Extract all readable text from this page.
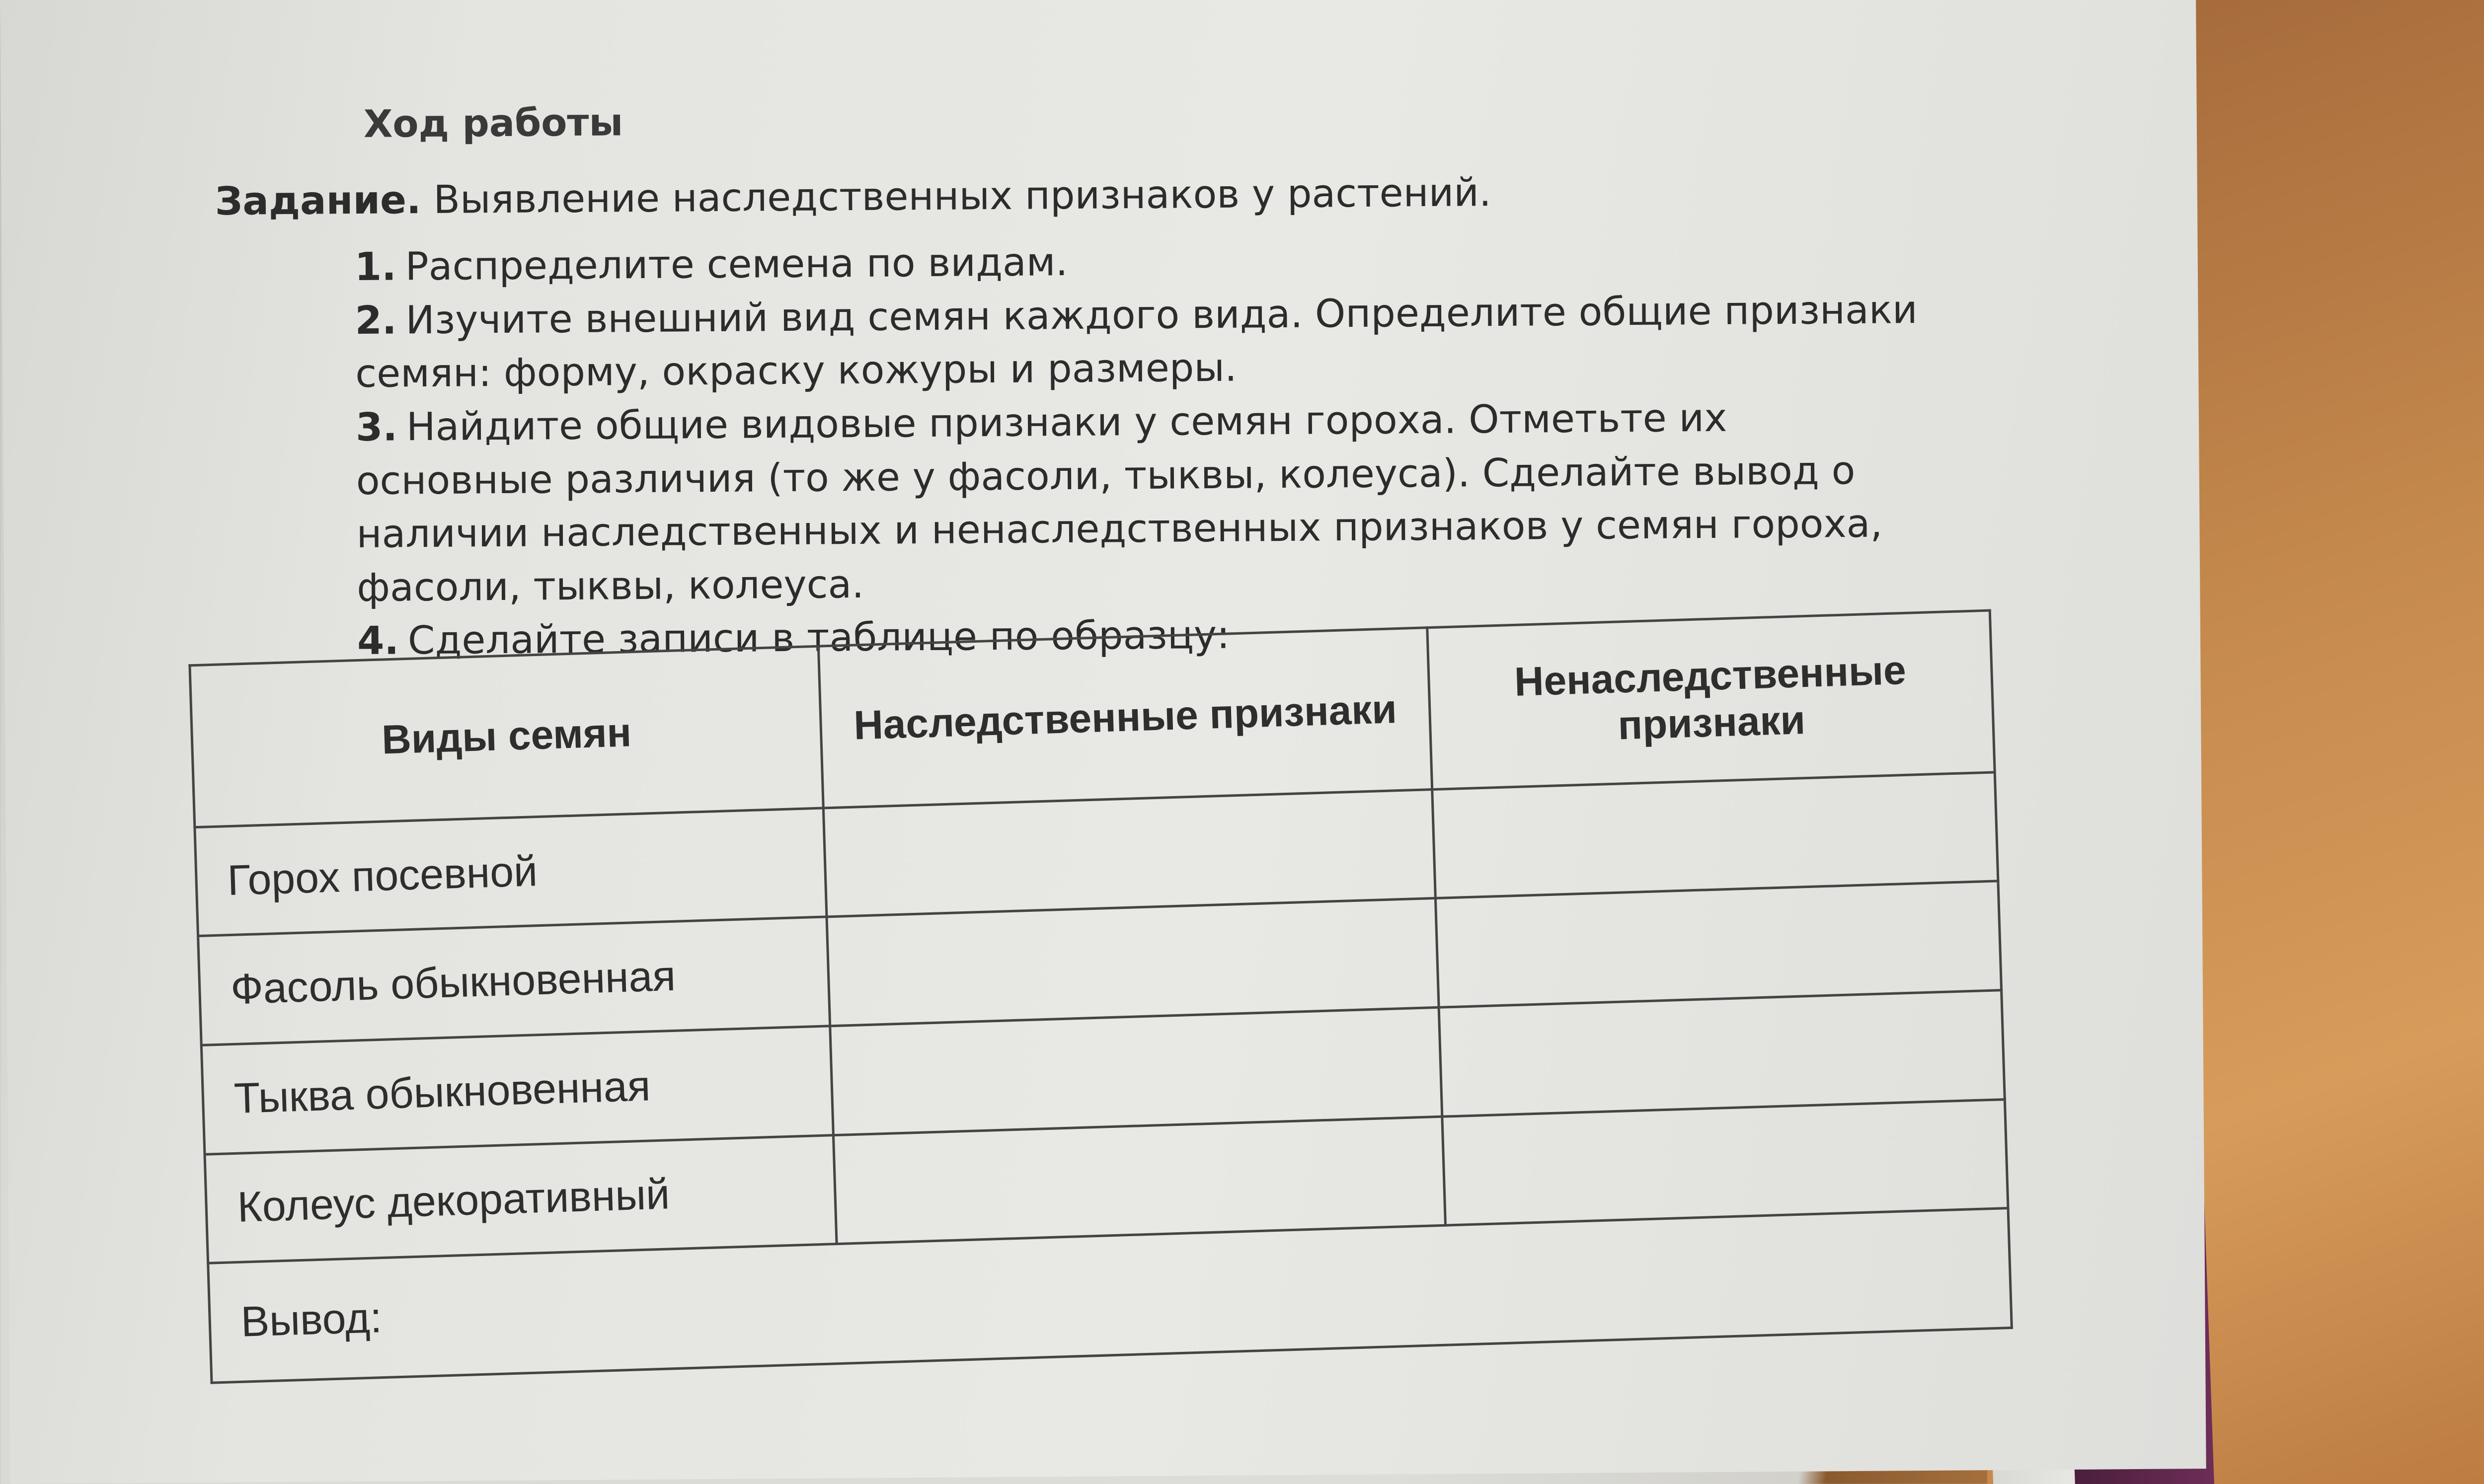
Ход работы
Задание. Выявление наследственных признаков у растений.

1. Распределите семена по видам.

2. Изучите внешний вид семян каждого вида. Определите общие признаки семян: форму, окраску кожуры и размеры.

3. Найдите общие видовые признаки у семян гороха. Отметьте их основные различия (то же у фасоли, тыквы, колеуса). Сделайте вывод о наличии наследственных и ненаследственных признаков у семян гороха, фасоли, тыквы, колеуса.

4. Сделайте записи в таблице по образцу:

Виды семян	Наследственные признаки	Ненаследственные признаки
Горох посевной		
Фасоль обыкновенная		
Тыква обыкновенная		
Колеус декоративный		
Вывод:		
